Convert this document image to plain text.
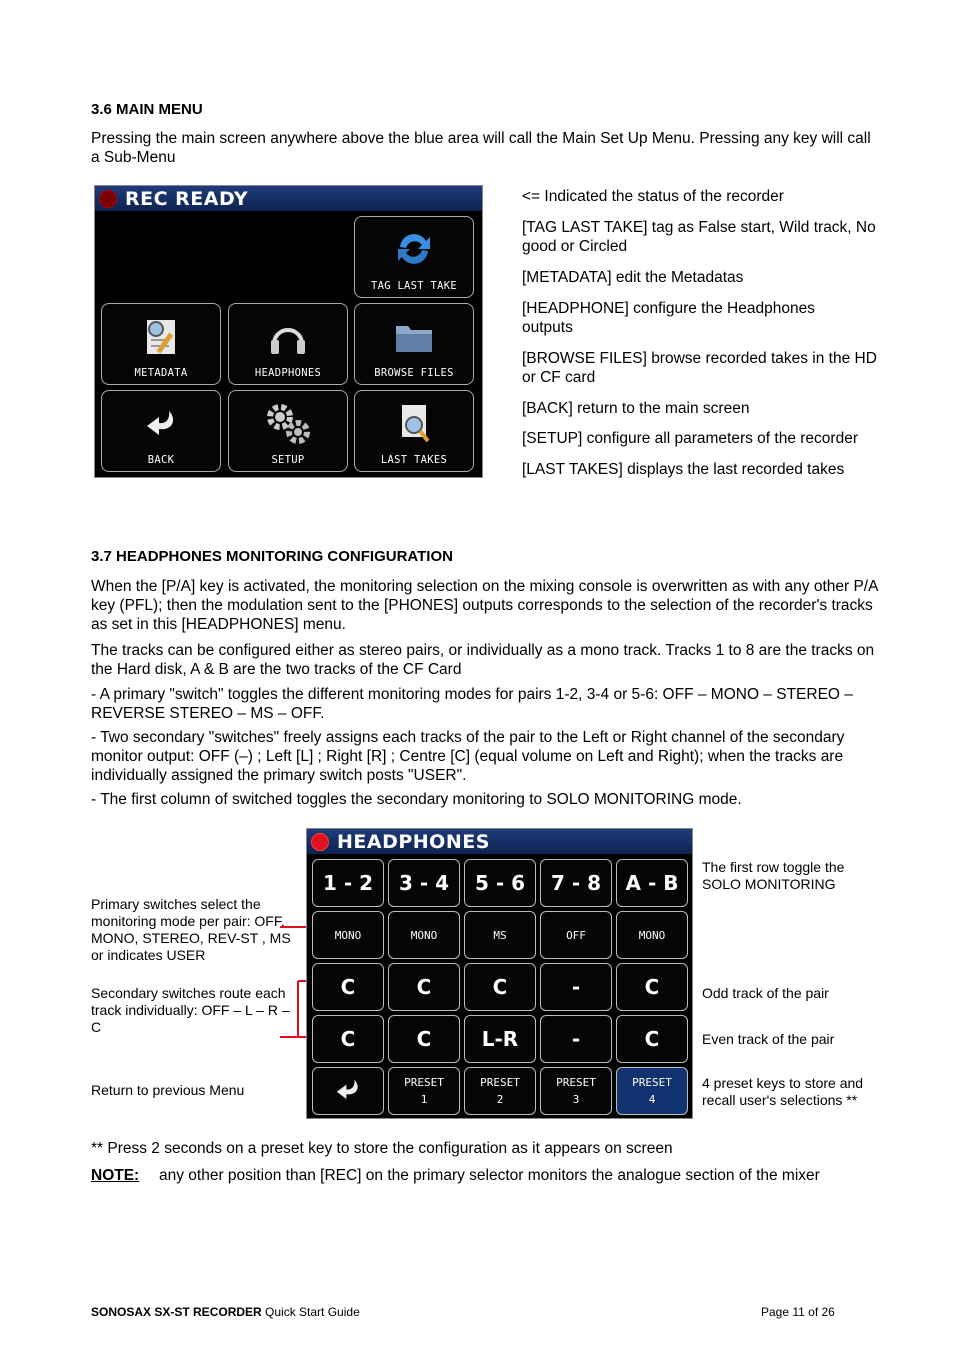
3.6 MAIN MENU
Pressing the main screen anywhere above the blue area will call the Main Set Up Menu. Pressing any key will call a Sub-Menu
REC READY
TAG LAST TAKE
METADATA	HEADPHONES	BROWSE FILES
BACK	SETUP	LAST TAKES
<= Indicated the status of the recorder
[TAG LAST TAKE] tag as False start, Wild track, No good or Circled
[METADATA] edit the Metadatas
[HEADPHONE] configure the Headphones outputs
[BROWSE FILES] browse recorded takes in the HD or CF card
[BACK] return to the main screen
[SETUP] configure all parameters of the recorder
[LAST TAKES] displays the last recorded takes
3.7 HEADPHONES MONITORING CONFIGURATION
When the [P/A] key is activated, the monitoring selection on the mixing console is overwritten as with any other P/A key (PFL); then the modulation sent to the [PHONES] outputs corresponds to the selection of the recorder's tracks as set in this [HEADPHONES] menu.
The tracks can be configured either as stereo pairs, or individually as a mono track. Tracks 1 to 8 are the tracks on the Hard disk, A & B are the two tracks of the CF Card
- A primary "switch" toggles the different monitoring modes for pairs 1-2, 3-4 or 5-6: OFF – MONO – STEREO – REVERSE STEREO – MS – OFF.
- Two secondary "switches" freely assigns each tracks of the pair to the Left or Right channel of the secondary monitor output: OFF (–) ; Left [L] ; Right [R] ; Centre [C] (equal volume on Left and Right); when the tracks are individually assigned the primary switch posts "USER".
- The first column of switched toggles the secondary monitoring to SOLO MONITORING mode.
Primary switches select the monitoring mode per pair: OFF, MONO, STEREO, REV-ST , MS or indicates USER
Secondary switches route each track individually: OFF – L – R – C
Return to previous Menu
HEADPHONES
1 - 2	3 - 4	5 - 6	7 - 8	A - B
MONO	MONO	MS	OFF	MONO
C	C	C	-	C
C	C	L-R	-	C
PRESET
1
PRESET
2
PRESET
3
PRESET
4
The first row toggle the SOLO MONITORING
Odd track of the pair
Even track of the pair
4 preset keys to store and recall user's selections **
** Press 2 seconds on a preset key to store the configuration as it appears on screen
NOTE: any other position than [REC] on the primary selector monitors the analogue section of the mixer
SONOSAX SX-ST RECORDER Quick Start Guide	Page 11 of 26
